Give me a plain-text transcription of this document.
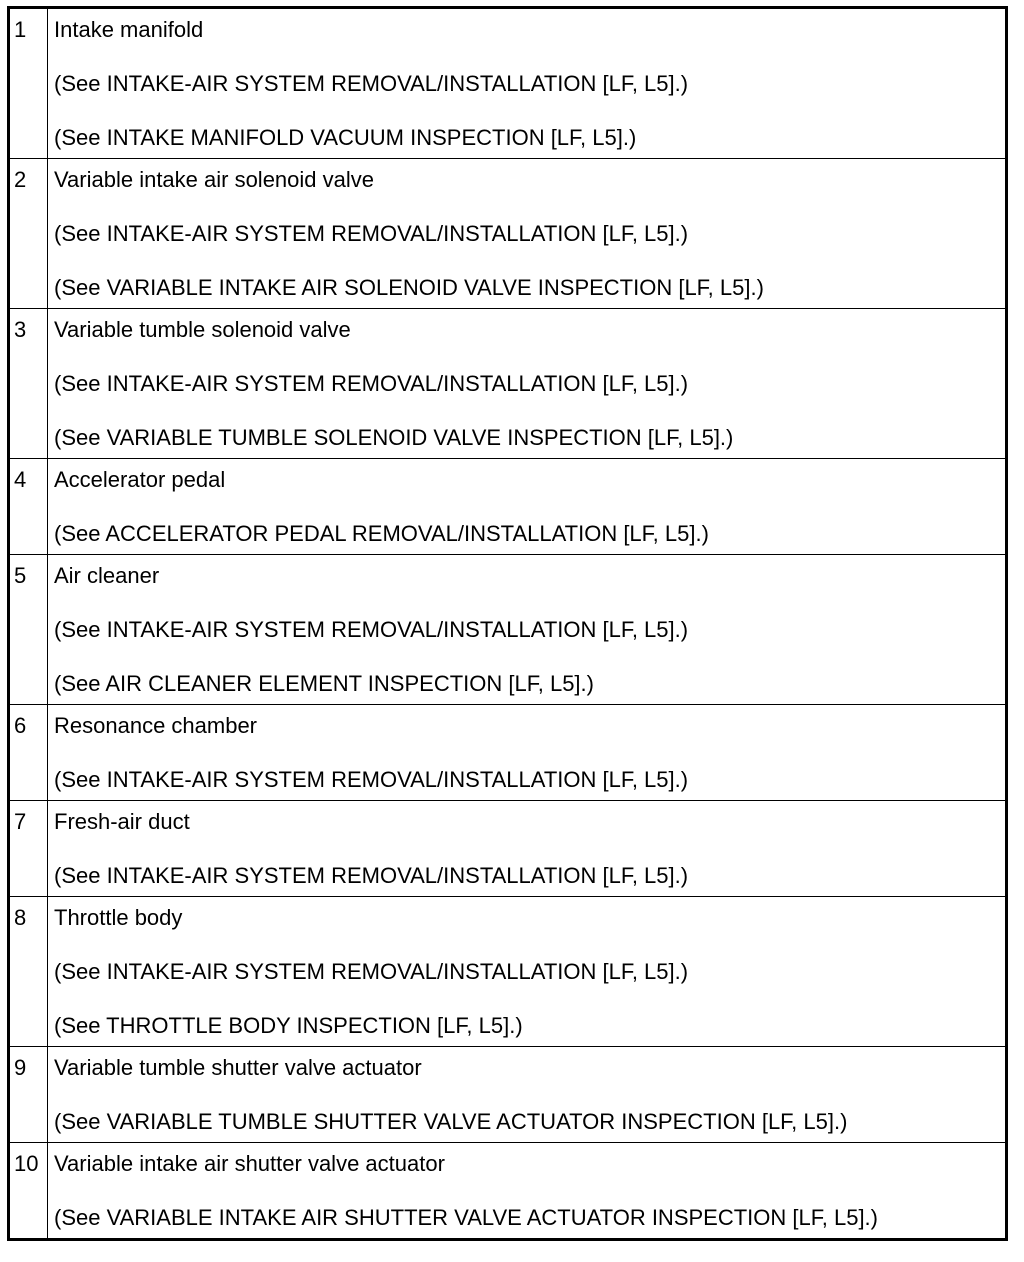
1	Intake manifold
(See INTAKE-AIR SYSTEM REMOVAL/INSTALLATION [LF, L5].)
(See INTAKE MANIFOLD VACUUM INSPECTION [LF, L5].)

2	Variable intake air solenoid valve
(See INTAKE-AIR SYSTEM REMOVAL/INSTALLATION [LF, L5].)
(See VARIABLE INTAKE AIR SOLENOID VALVE INSPECTION [LF, L5].)

3	Variable tumble solenoid valve
(See INTAKE-AIR SYSTEM REMOVAL/INSTALLATION [LF, L5].)
(See VARIABLE TUMBLE SOLENOID VALVE INSPECTION [LF, L5].)

4	Accelerator pedal
(See ACCELERATOR PEDAL REMOVAL/INSTALLATION [LF, L5].)

5	Air cleaner
(See INTAKE-AIR SYSTEM REMOVAL/INSTALLATION [LF, L5].)
(See AIR CLEANER ELEMENT INSPECTION [LF, L5].)

6	Resonance chamber
(See INTAKE-AIR SYSTEM REMOVAL/INSTALLATION [LF, L5].)

7	Fresh-air duct
(See INTAKE-AIR SYSTEM REMOVAL/INSTALLATION [LF, L5].)

8	Throttle body
(See INTAKE-AIR SYSTEM REMOVAL/INSTALLATION [LF, L5].)
(See THROTTLE BODY INSPECTION [LF, L5].)

9	Variable tumble shutter valve actuator
(See VARIABLE TUMBLE SHUTTER VALVE ACTUATOR INSPECTION [LF, L5].)

10	Variable intake air shutter valve actuator
(See VARIABLE INTAKE AIR SHUTTER VALVE ACTUATOR INSPECTION [LF, L5].)
